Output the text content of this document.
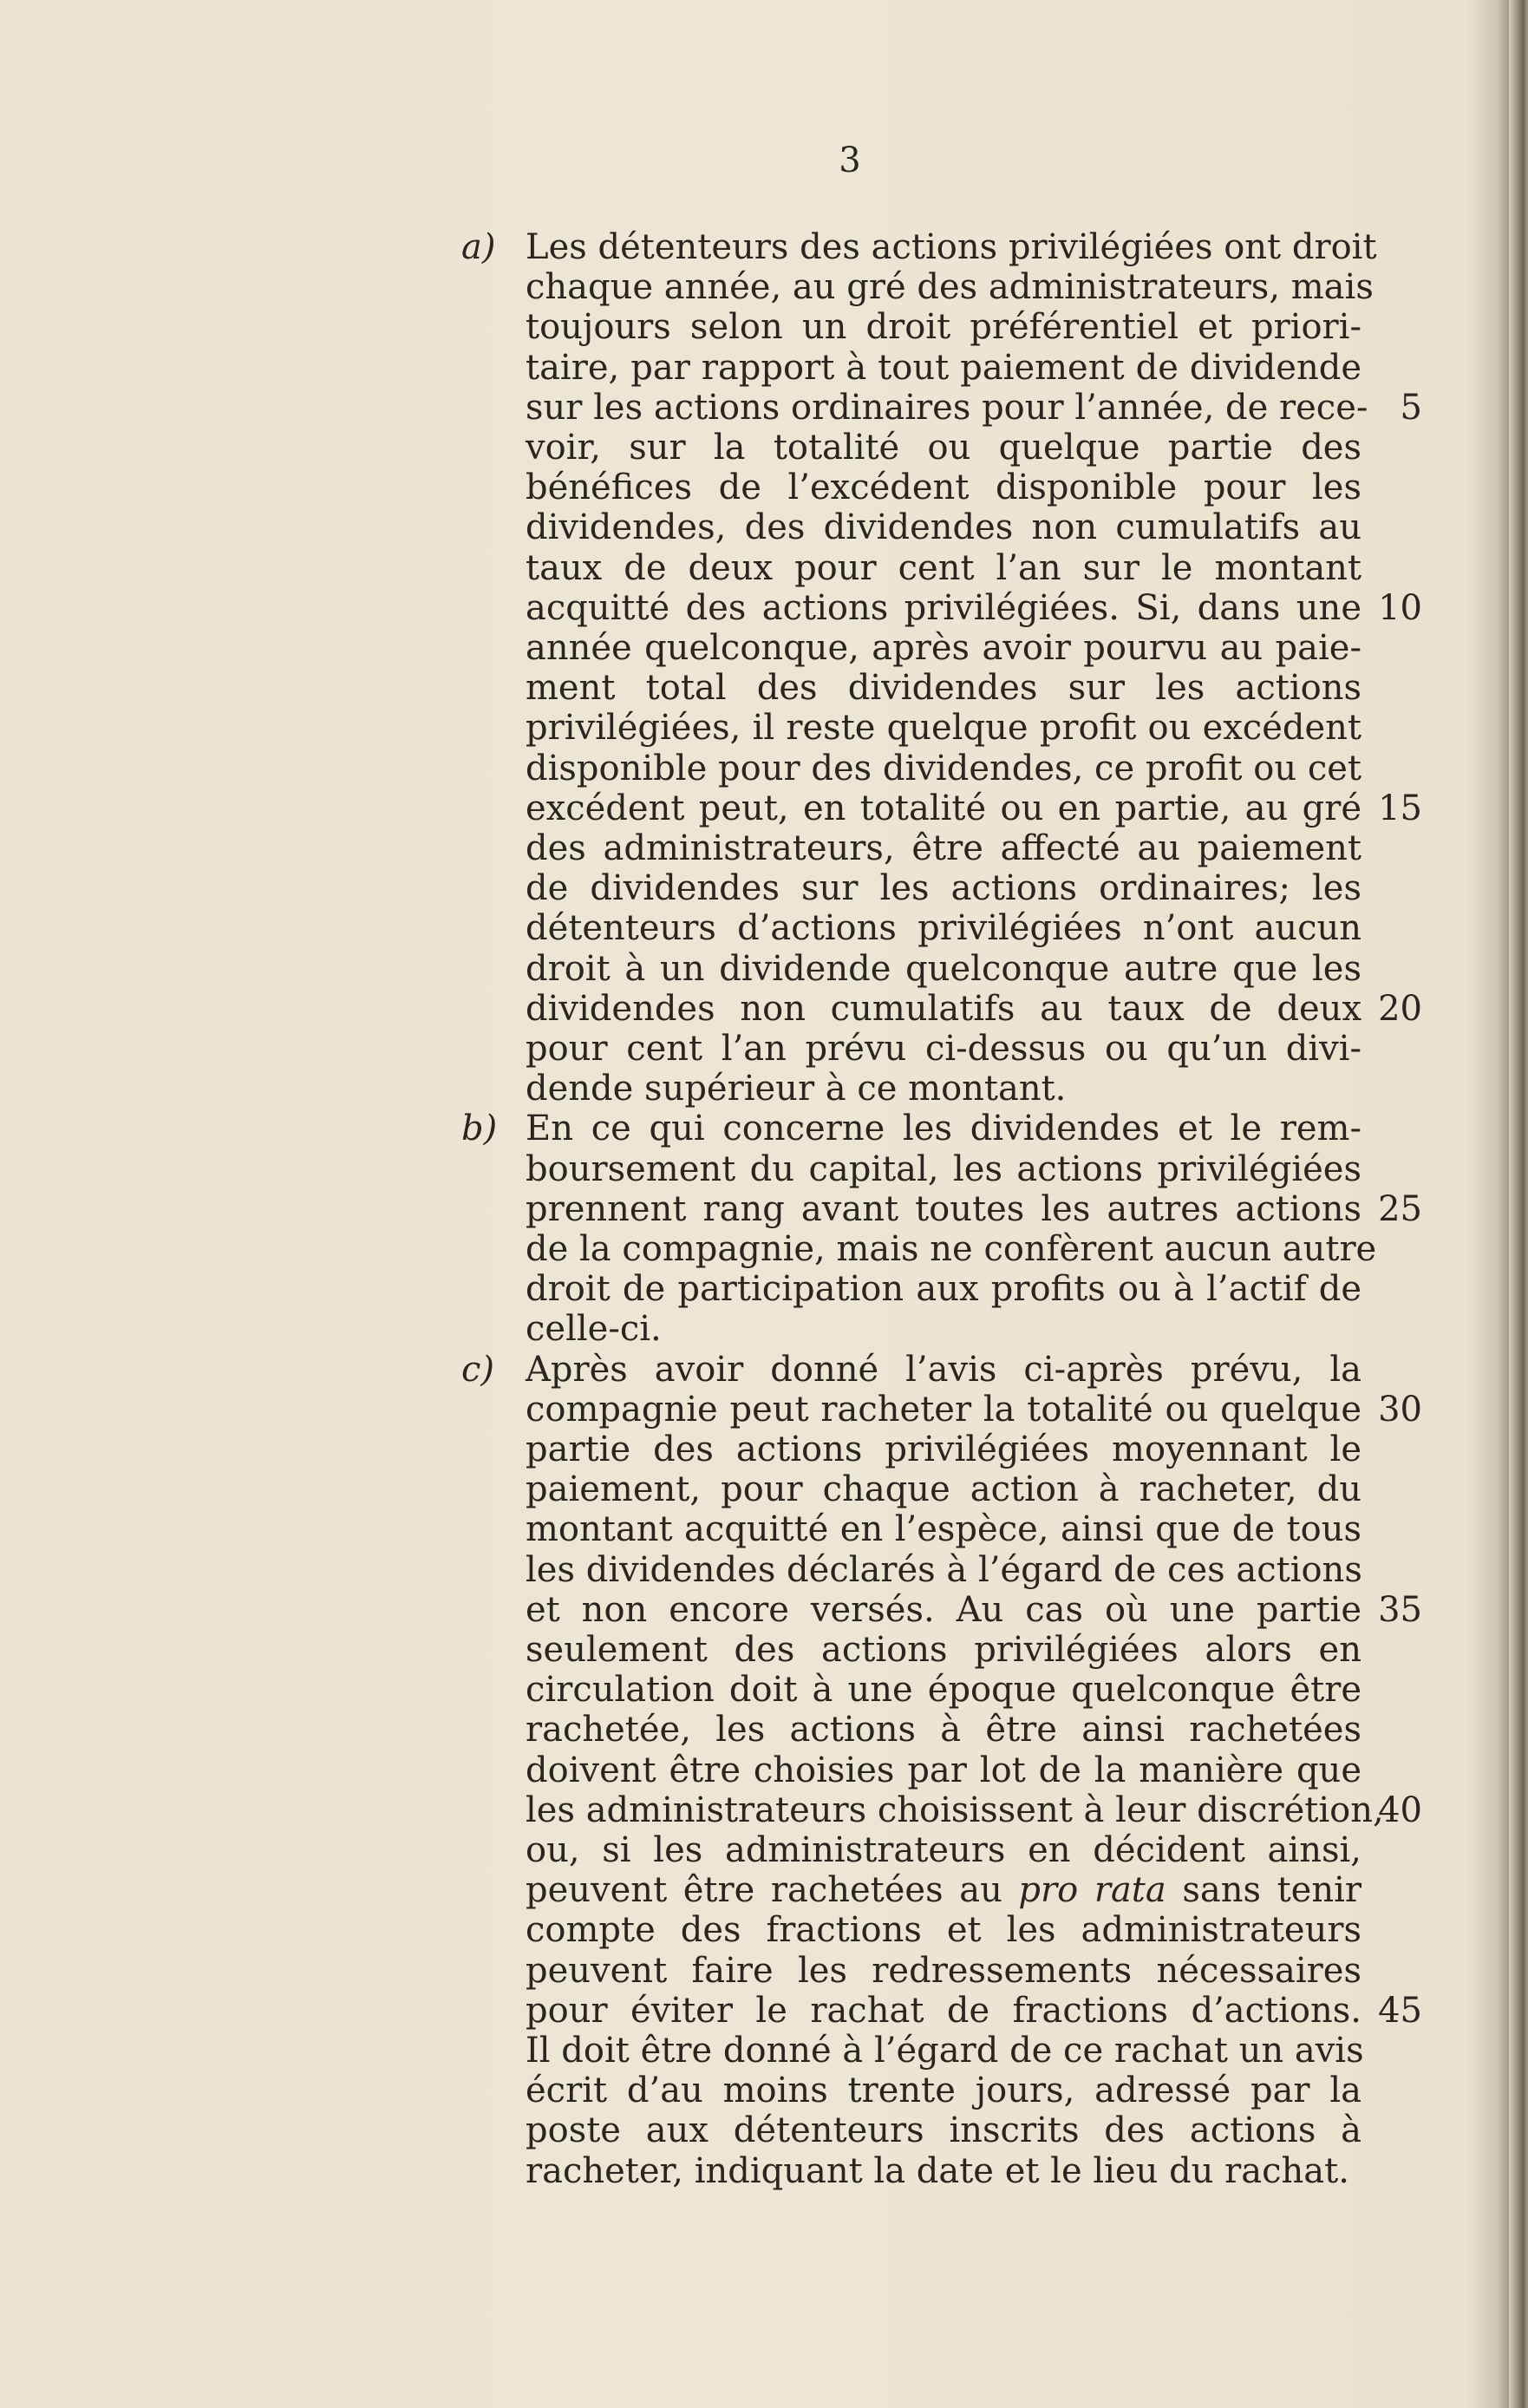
3
a) Les détenteurs des actions privilégiées ont droit
chaque année, au gré des administrateurs, mais
toujours selon un droit préférentiel et priori-
taire, par rapport à tout paiement de dividende
sur les actions ordinaires pour l’année, de rece-
voir, sur la totalité ou quelque partie des
bénéfices de l’excédent disponible pour les
dividendes, des dividendes non cumulatifs au
taux de deux pour cent l’an sur le montant
acquitté des actions privilégiées. Si, dans une
année quelconque, après avoir pourvu au paie-
ment total des dividendes sur les actions
privilégiées, il reste quelque profit ou excédent
disponible pour des dividendes, ce profit ou cet
excédent peut, en totalité ou en partie, au gré
des administrateurs, être affecté au paiement
de dividendes sur les actions ordinaires; les
détenteurs d’actions privilégiées n’ont aucun
droit à un dividende quelconque autre que les
dividendes non cumulatifs au taux de deux
pour cent l’an prévu ci-dessus ou qu’un divi-
dende supérieur à ce montant.
b) En ce qui concerne les dividendes et le rem-
boursement du capital, les actions privilégiées
prennent rang avant toutes les autres actions
de la compagnie, mais ne confèrent aucun autre
droit de participation aux profits ou à l’actif de
celle-ci.
c) Après avoir donné l’avis ci-après prévu, la
compagnie peut racheter la totalité ou quelque
partie des actions privilégiées moyennant le
paiement, pour chaque action à racheter, du
montant acquitté en l’espèce, ainsi que de tous
les dividendes déclarés à l’égard de ces actions
et non encore versés. Au cas où une partie
seulement des actions privilégiées alors en
circulation doit à une époque quelconque être
rachetée, les actions à être ainsi rachetées
doivent être choisies par lot de la manière que
les administrateurs choisissent à leur discrétion,
ou, si les administrateurs en décident ainsi,
peuvent être rachetées au pro rata sans tenir
compte des fractions et les administrateurs
peuvent faire les redressements nécessaires
pour éviter le rachat de fractions d’actions.
Il doit être donné à l’égard de ce rachat un avis
écrit d’au moins trente jours, adressé par la
poste aux détenteurs inscrits des actions à
racheter, indiquant la date et le lieu du rachat.
5
10
15
20
25
30
35
40
45
